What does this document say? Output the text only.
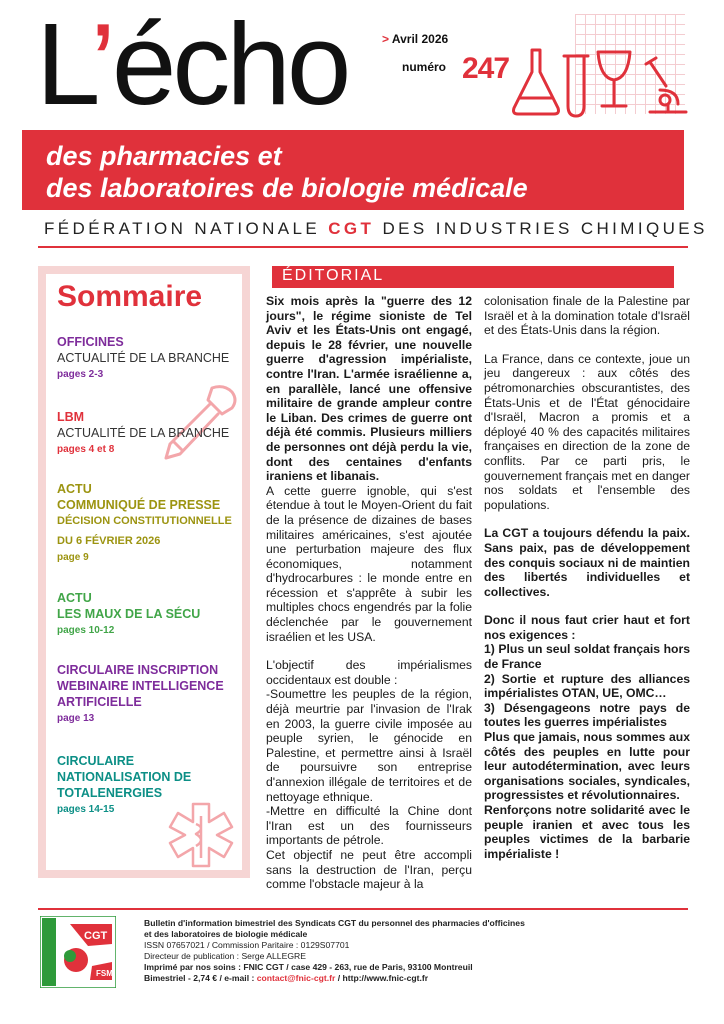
L’écho	> Avril 2026
numéro 247
des pharmacies et
des laboratoires de biologie médicale
FÉDÉRATION NATIONALE CGT DES INDUSTRIES CHIMIQUES
Sommaire
OFFICINES
ACTUALITÉ DE LA BRANCHE
pages 2-3
LBM
ACTUALITÉ DE LA BRANCHE
pages 4 et 8
ACTU
COMMUNIQUÉ DE PRESSE
DÉCISION CONSTITUTIONNELLE
DU 6 FÉVRIER 2026
page 9
ACTU
LES MAUX DE LA SÉCU
pages 10-12
CIRCULAIRE INSCRIPTION
WEBINAIRE INTELLIGENCE
ARTIFICIELLE
page 13
CIRCULAIRE
NATIONALISATION DE
TOTALENERGIES
pages 14-15
ÉDITORIAL

Six mois après la "guerre des 12 jours", le régime sioniste de Tel Aviv et les États-Unis ont engagé, depuis le 28 février, une nouvelle guerre d'agression impérialiste, contre l'Iran. L'armée israélienne a, en parallèle, lancé une offensive militaire de grande ampleur contre le Liban. Des crimes de guerre ont déjà été commis. Plusieurs milliers de personnes ont déjà perdu la vie, dont des centaines d'enfants iraniens et libanais.

A cette guerre ignoble, qui s'est étendue à tout le Moyen-Orient du fait de la présence de dizaines de bases militaires américaines, s'est ajoutée une perturbation majeure des flux économiques, notamment d'hydrocarbures : le monde entre en récession et s'apprête à subir les multiples chocs engendrés par la folie déclenchée par le gouvernement israélien et les USA.

L'objectif des impérialismes occidentaux est double :

-Soumettre les peuples de la région, déjà meurtrie par l'invasion de l'Irak en 2003, la guerre civile imposée au peuple syrien, le génocide en Palestine, et permettre ainsi à Israël de poursuivre son entreprise d'annexion illégale de territoires et de nettoyage ethnique.

-Mettre en difficulté la Chine dont l'Iran est un des fournisseurs importants de pétrole.

Cet objectif ne peut être accompli sans la destruction de l'Iran, perçu comme l'obstacle majeur à la

colonisation finale de la Palestine par Israël et à la domination totale d'Israël et des États-Unis dans la région.

La France, dans ce contexte, joue un jeu dangereux : aux côtés des pétromonarchies obscurantistes, des États-Unis et de l'État génocidaire d'Israël, Macron a promis et a déployé 40 % des capacités militaires françaises en direction de la zone de conflits. Par ce parti pris, le gouvernement français met en danger nos soldats et l'ensemble des populations.

La CGT a toujours défendu la paix. Sans paix, pas de développement des conquis sociaux ni de maintien des libertés individuelles et collectives.

Donc il nous faut crier haut et fort nos exigences :

1) Plus un seul soldat français hors de France

2) Sortie et rupture des alliances impérialistes OTAN, UE, OMC…

3) Désengageons notre pays de toutes les guerres impérialistes

Plus que jamais, nous sommes aux côtés des peuples en lutte pour leur autodétermination, avec leurs organisations sociales, syndicales, progressistes et révolutionnaires.

Renforçons notre solidarité avec le peuple iranien et avec tous les peuples victimes de la barbarie impérialiste !

CGT
FSM
Bulletin d'information bimestriel des Syndicats CGT du personnel des pharmacies d'officines
et des laboratoires de biologie médicale
ISSN 07657021 / Commission Paritaire : 0129S07701
Directeur de publication : Serge ALLEGRE
Imprimé par nos soins : FNIC CGT / case 429 - 263, rue de Paris, 93100 Montreuil
Bimestriel - 2,74 € / e-mail : contact@fnic-cgt.fr / http://www.fnic-cgt.fr
